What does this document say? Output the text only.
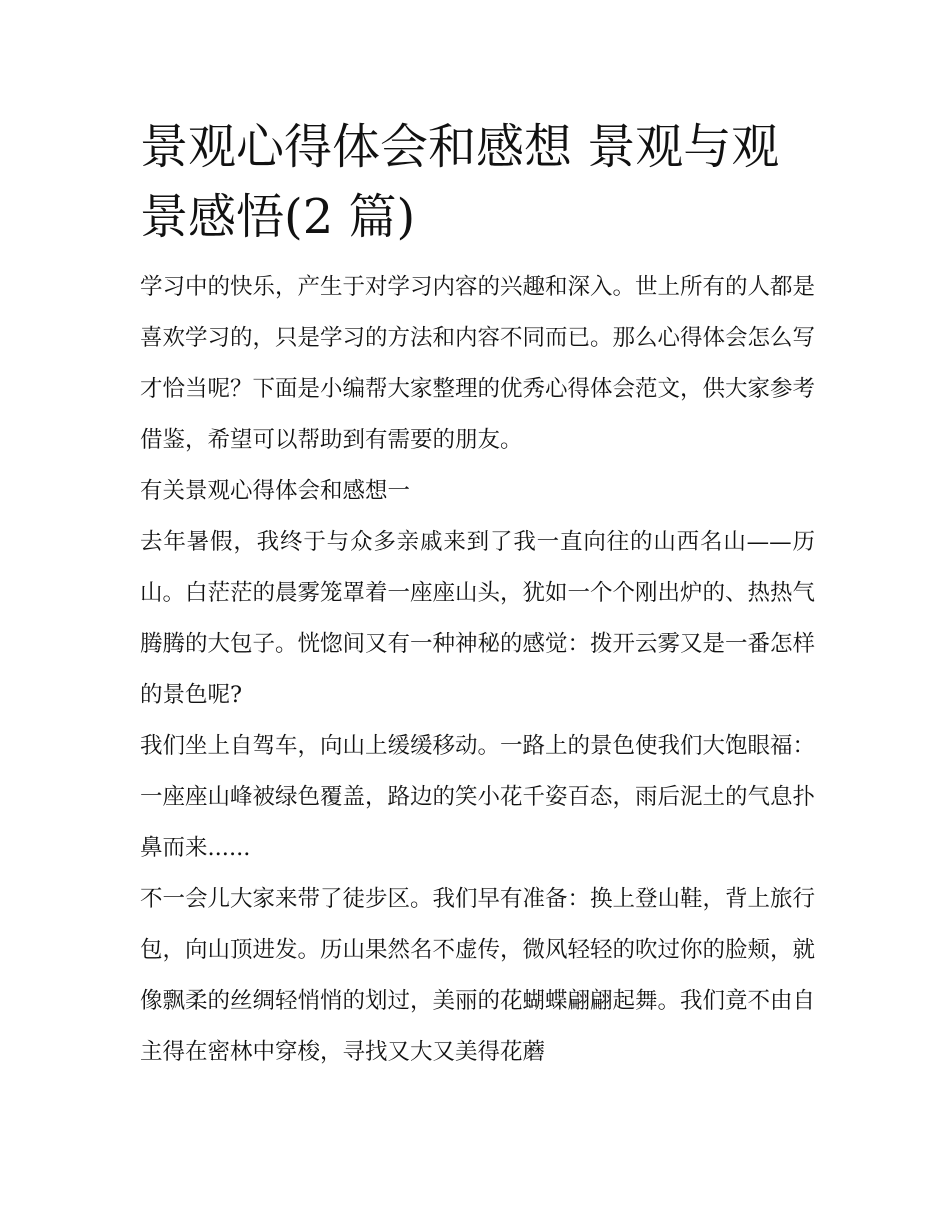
景观心得体会和感想 景观与观景感悟(2 篇)

学习中的快乐，产生于对学习内容的兴趣和深入。世上所有的人都是喜欢学习的，只是学习的方法和内容不同而已。那么心得体会怎么写才恰当呢？下面是小编帮大家整理的优秀心得体会范文，供大家参考借鉴，希望可以帮助到有需要的朋友。

有关景观心得体会和感想一

去年暑假，我终于与众多亲戚来到了我一直向往的山西名山——历山。白茫茫的晨雾笼罩着一座座山头，犹如一个个刚出炉的、热热气腾腾的大包子。恍惚间又有一种神秘的感觉：拨开云雾又是一番怎样的景色呢?

我们坐上自驾车，向山上缓缓移动。一路上的景色使我们大饱眼福：一座座山峰被绿色覆盖，路边的笑小花千姿百态，雨后泥土的气息扑鼻而来......

不一会儿大家来带了徒步区。我们早有准备：换上登山鞋，背上旅行包，向山顶进发。历山果然名不虚传，微风轻轻的吹过你的脸颊，就像飘柔的丝绸轻悄悄的划过，美丽的花蝴蝶翩翩起舞。我们竟不由自主得在密林中穿梭，寻找又大又美得花蘑
